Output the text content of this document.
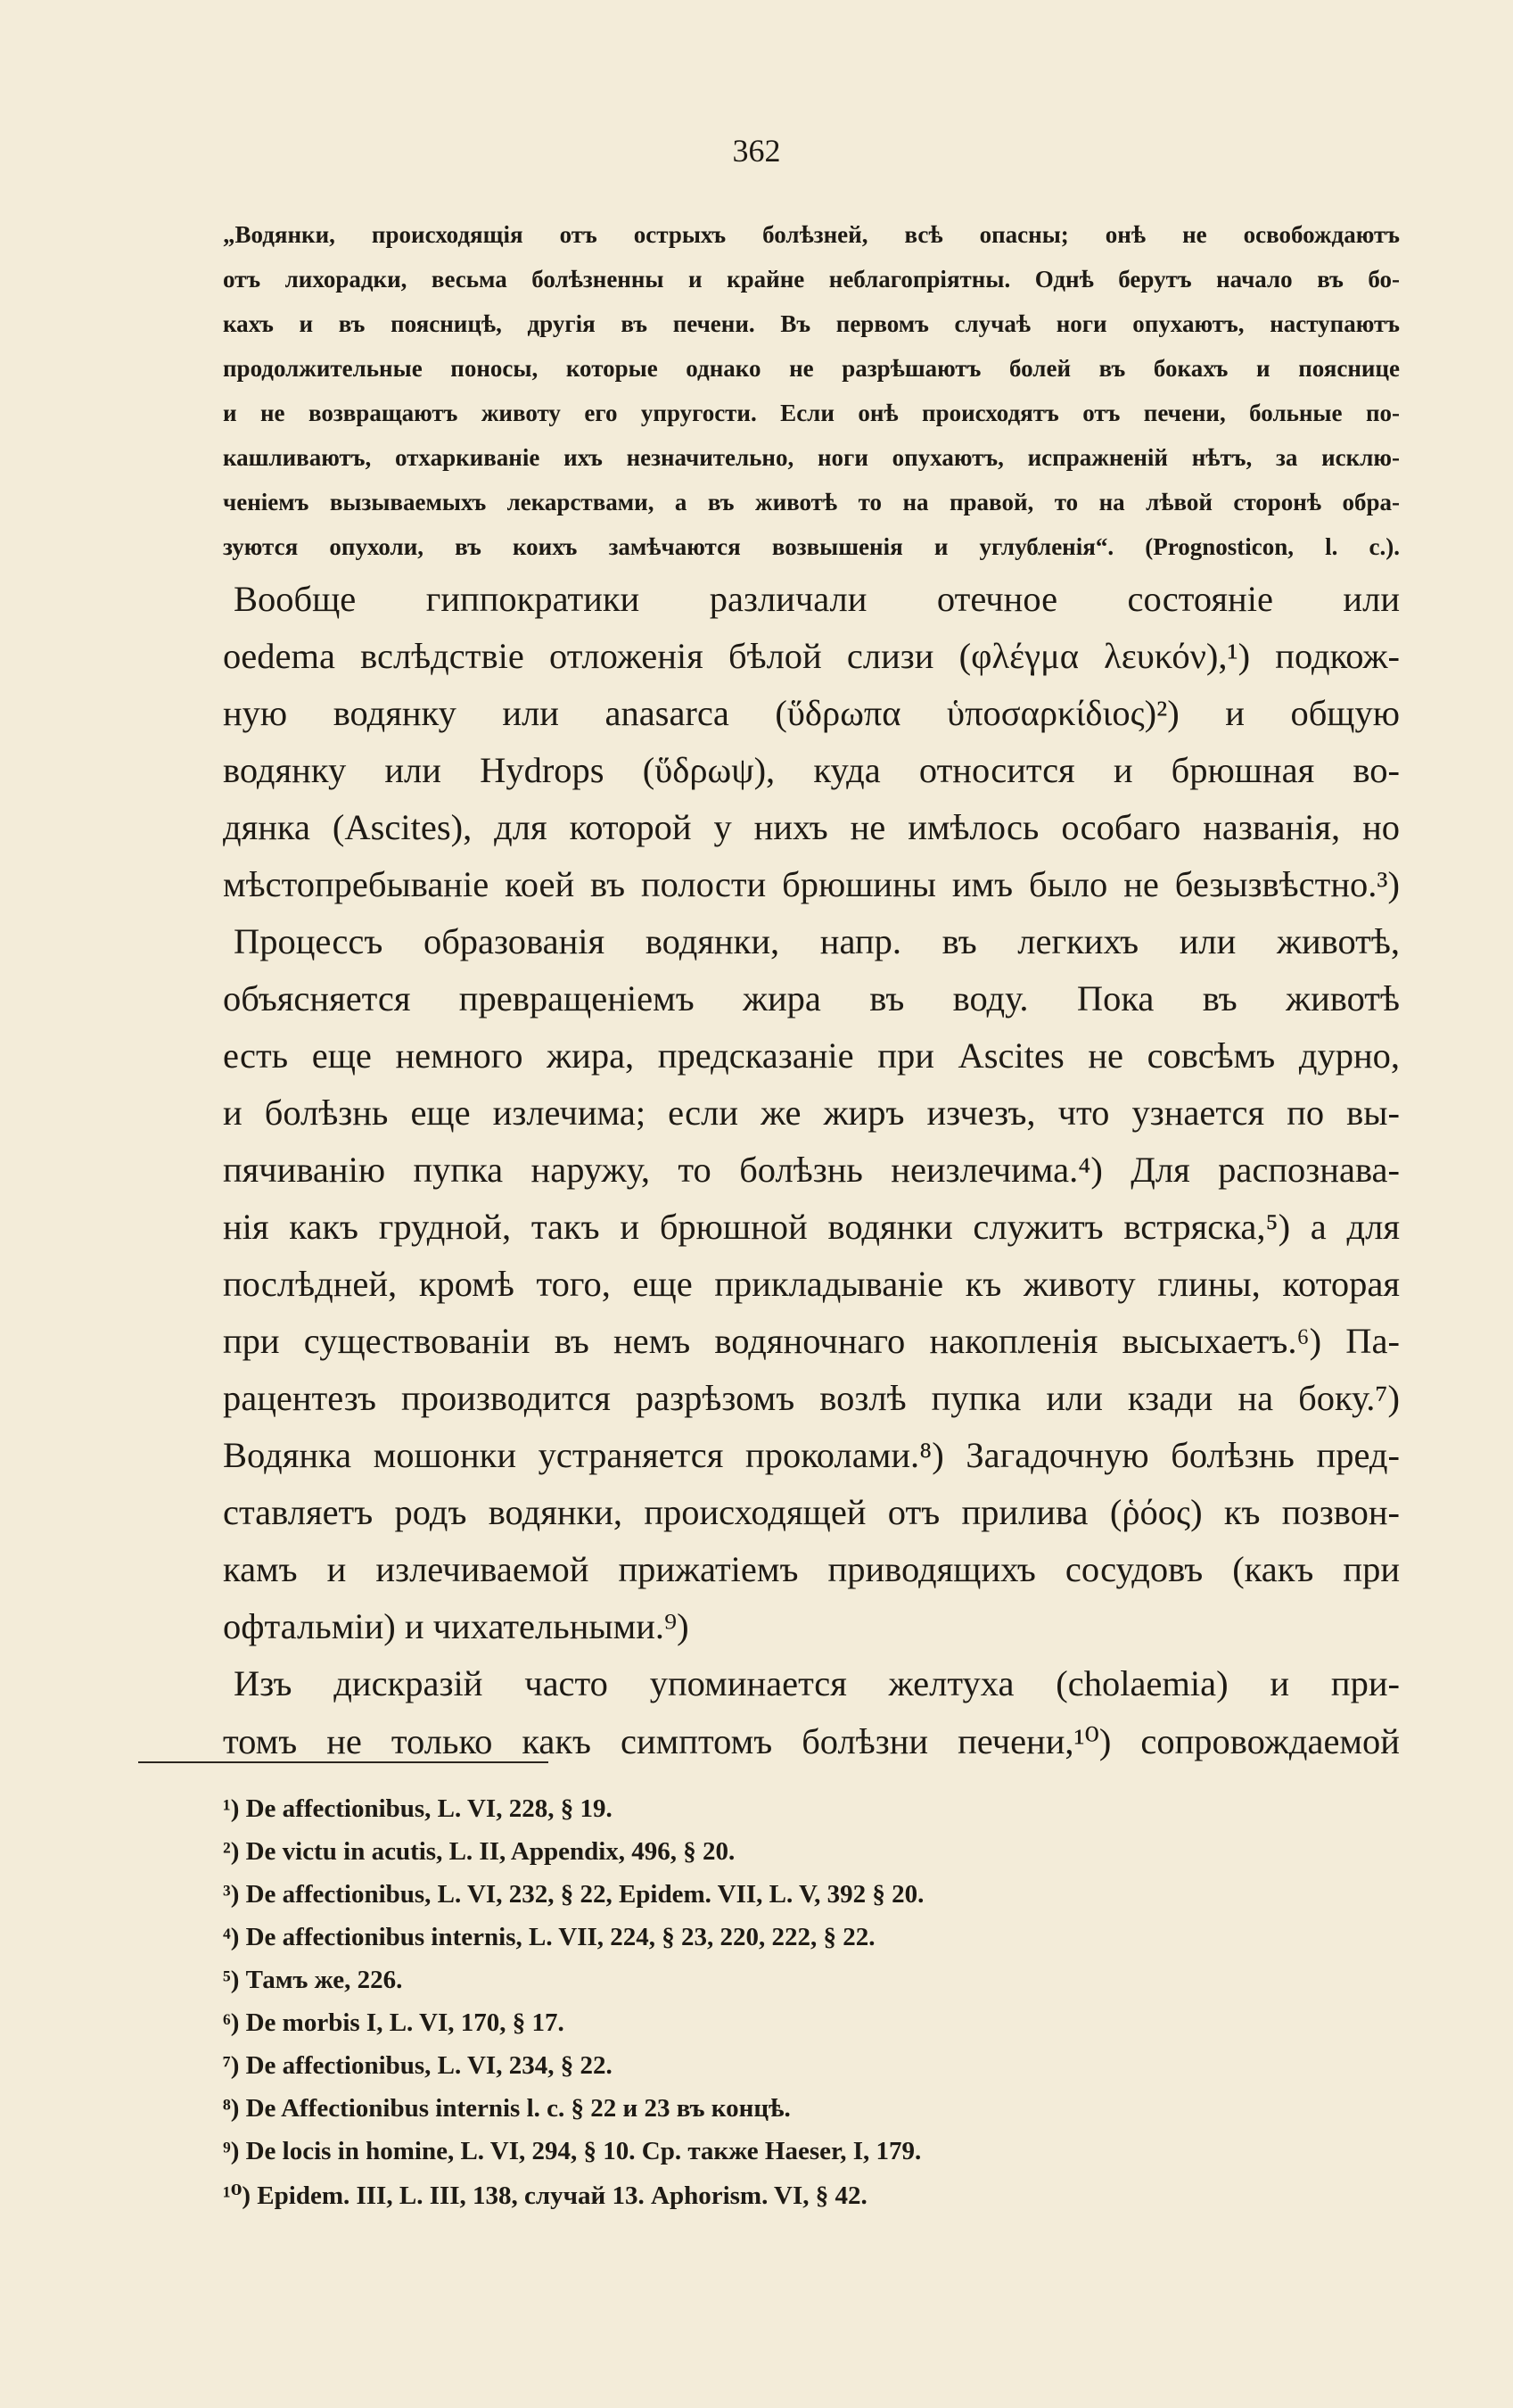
362
„Водянки, происходящія отъ острыхъ болѣзней, всѣ опасны; онѣ не освобождаютъ
отъ лихорадки, весьма болѣзненны и крайне неблагопріятны. Однѣ берутъ начало въ бо-
кахъ и въ поясницѣ, другія въ печени. Въ первомъ случаѣ ноги опухаютъ, наступаютъ
продолжительные поносы, которые однако не разрѣшаютъ болей въ бокахъ и пояснице
и не возвращаютъ животу его упругости. Если онѣ происходятъ отъ печени, больные по-
кашливаютъ, отхаркиваніе ихъ незначительно, ноги опухаютъ, испражненій нѣтъ, за исклю-
ченіемъ вызываемыхъ лекарствами, а въ животѣ то на правой, то на лѣвой сторонѣ обра-
зуются опухоли, въ коихъ замѣчаются возвышенія и углубленія“. (Prognosticon, l. c.).
Вообще гиппократики различали отечное состояніе или
oedema вслѣдствіе отложенія бѣлой слизи (φλέγμα λευκόν),¹) подкож-
ную водянку или anasarca (ὕδρωπα ὑποσαρκίδιος)²) и общую
водянку или Hydrops (ὕδρωψ), куда относится и брюшная во-
дянка (Ascites), для которой у нихъ не имѣлось особаго названія, но
мѣстопребываніе коей въ полости брюшины имъ было не безызвѣстно.³)
Процессъ образованія водянки, напр. въ легкихъ или животѣ,
объясняется превращеніемъ жира въ воду. Пока въ животѣ
есть еще немного жира, предсказаніе при Ascites не совсѣмъ дурно,
и болѣзнь еще излечима; если же жиръ изчезъ, что узнается по вы-
пячиванію пупка наружу, то болѣзнь неизлечима.⁴) Для распознава-
нія какъ грудной, такъ и брюшной водянки служитъ встряска,⁵) а для
послѣдней, кромѣ того, еще прикладываніе къ животу глины, которая
при существованіи въ немъ водяночнаго накопленія высыхаетъ.⁶) Па-
рацентезъ производится разрѣзомъ возлѣ пупка или кзади на боку.⁷)
Водянка мошонки устраняется проколами.⁸) Загадочную болѣзнь пред-
ставляетъ родъ водянки, происходящей отъ прилива (ῥόος) къ позвон-
камъ и излечиваемой прижатіемъ приводящихъ сосудовъ (какъ при
офтальміи) и чихательными.⁹)
Изъ дискразій часто упоминается желтуха (cholaemia) и при-
томъ не только какъ симптомъ болѣзни печени,¹⁰) сопровождаемой
¹) De affectionibus, L. VI, 228, § 19.
²) De victu in acutis, L. II, Appendix, 496, § 20.
³) De affectionibus, L. VI, 232, § 22, Epidem. VII, L. V, 392 § 20.
⁴) De affectionibus internis, L. VII, 224, § 23, 220, 222, § 22.
⁵) Тамъ же, 226.
⁶) De morbis I, L. VI, 170, § 17.
⁷) De affectionibus, L. VI, 234, § 22.
⁸) De Affectionibus internis l. c. § 22 и 23 въ концѣ.
⁹) De locis in homine, L. VI, 294, § 10. Ср. также Haeser, I, 179.
¹⁰) Epidem. III, L. III, 138, случай 13. Aphorism. VI, § 42.
